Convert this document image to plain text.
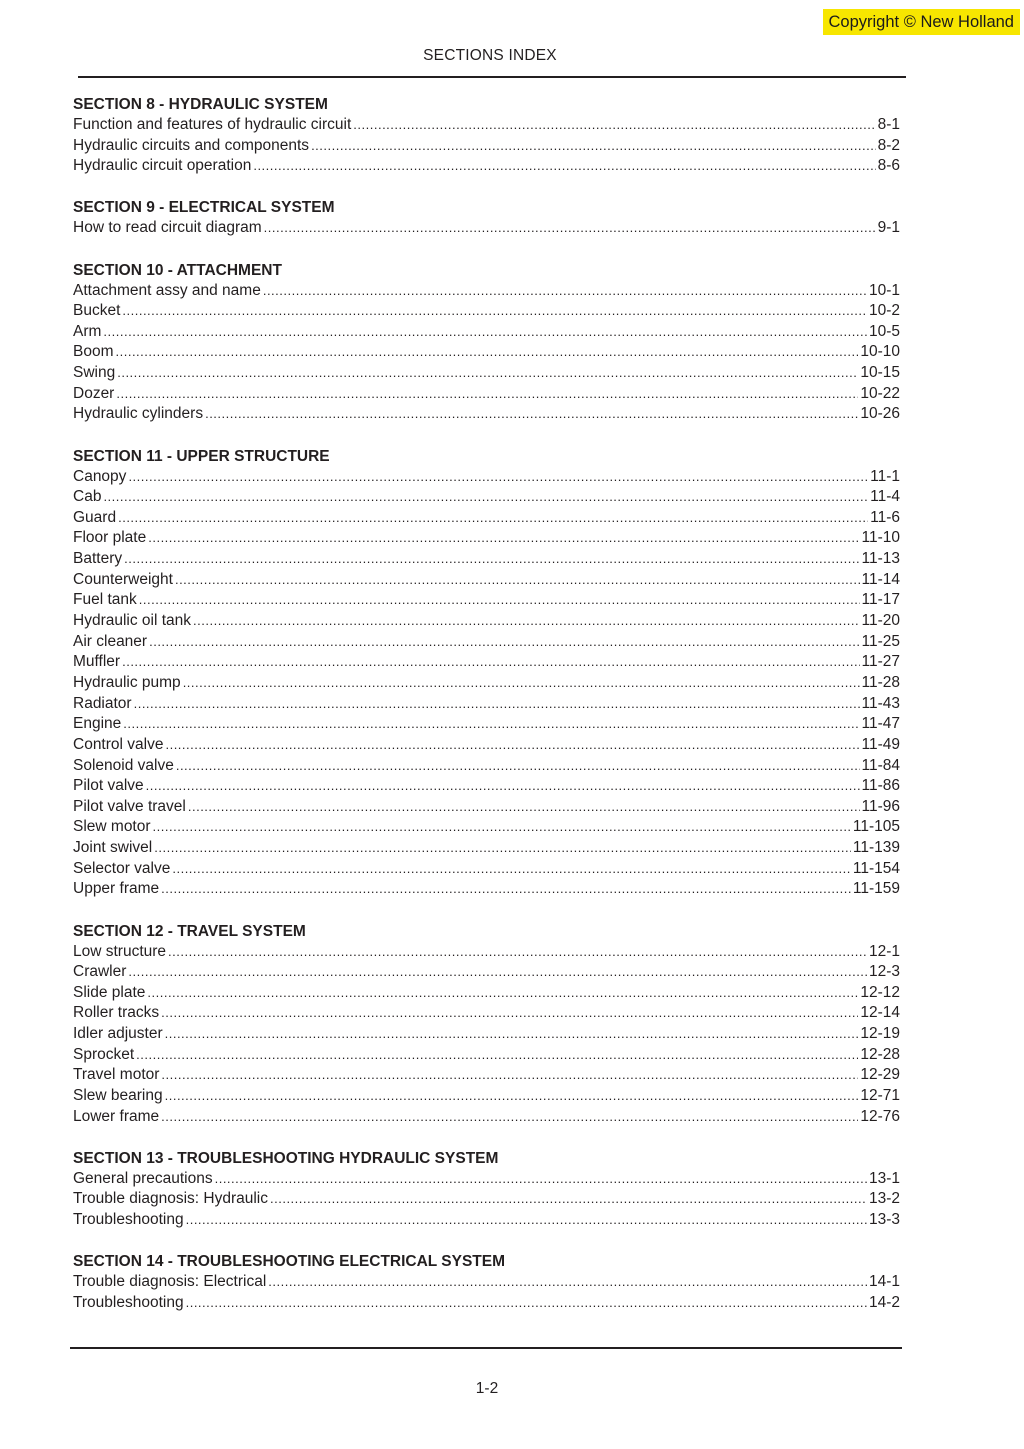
Copyright © New Holland
SECTIONS INDEX
SECTION 8 - HYDRAULIC SYSTEM
Function and features of hydraulic circuit .....	8-1
Hydraulic circuits and components .....	8-2
Hydraulic circuit operation .....	8-6
SECTION 9 - ELECTRICAL SYSTEM
How to read circuit diagram .....	9-1
SECTION 10 - ATTACHMENT
Attachment assy and name .....	10-1
Bucket .....	10-2
Arm .....	10-5
Boom .....	10-10
Swing .....	10-15
Dozer .....	10-22
Hydraulic cylinders .....	10-26
SECTION 11 - UPPER STRUCTURE
Canopy .....	11-1
Cab .....	11-4
Guard .....	11-6
Floor plate .....	11-10
Battery .....	11-13
Counterweight .....	11-14
Fuel tank .....	11-17
Hydraulic oil tank .....	11-20
Air cleaner .....	11-25
Muffler .....	11-27
Hydraulic pump .....	11-28
Radiator .....	11-43
Engine .....	11-47
Control valve .....	11-49
Solenoid valve .....	11-84
Pilot valve .....	11-86
Pilot valve travel .....	11-96
Slew motor .....	11-105
Joint swivel .....	11-139
Selector valve .....	11-154
Upper frame .....	11-159
SECTION 12 - TRAVEL SYSTEM
Low structure .....	12-1
Crawler .....	12-3
Slide plate .....	12-12
Roller tracks .....	12-14
Idler adjuster .....	12-19
Sprocket .....	12-28
Travel motor .....	12-29
Slew bearing .....	12-71
Lower frame .....	12-76
SECTION 13 - TROUBLESHOOTING HYDRAULIC SYSTEM
General precautions .....	13-1
Trouble diagnosis: Hydraulic .....	13-2
Troubleshooting .....	13-3
SECTION 14 - TROUBLESHOOTING ELECTRICAL SYSTEM
Trouble diagnosis: Electrical .....	14-1
Troubleshooting .....	14-2
1-2
